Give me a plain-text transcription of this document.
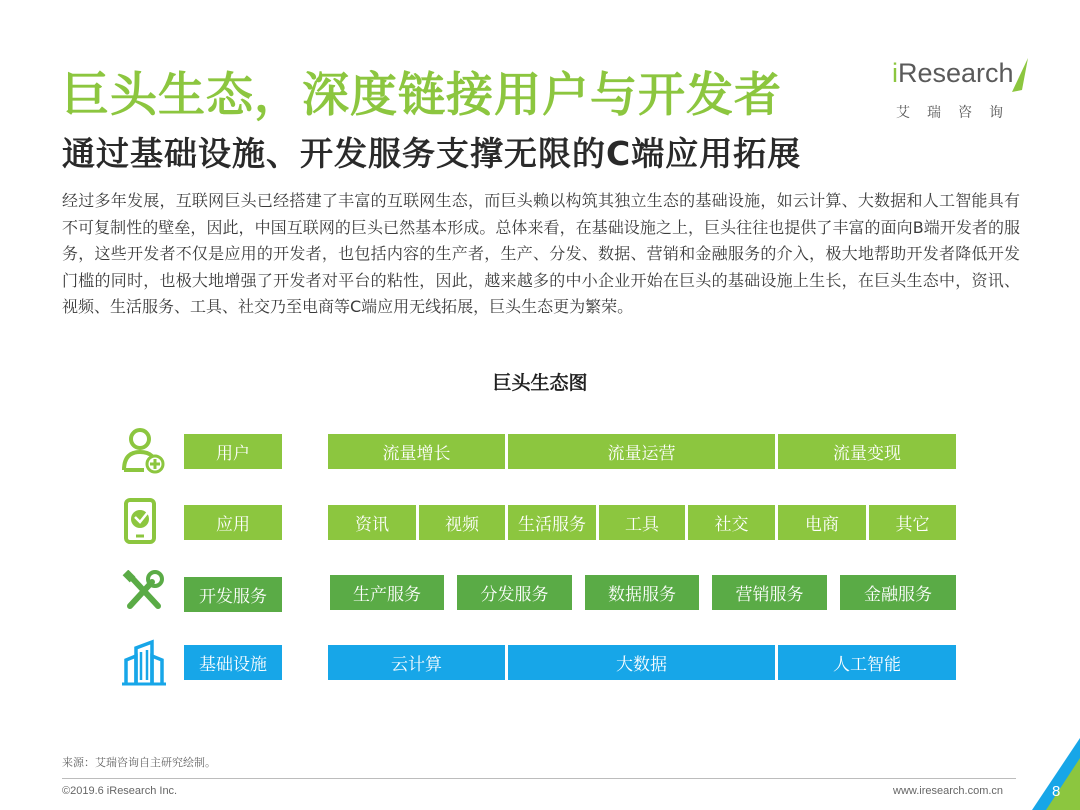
巨头生态，深度链接用户与开发者
通过基础设施、开发服务支撑无限的C端应用拓展
iResearch
艾瑞咨询
经过多年发展，互联网巨头已经搭建了丰富的互联网生态，而巨头赖以构筑其独立生态的基础设施，如云计算、大数据和人工智能具有不可复制性的壁垒，因此，中国互联网的巨头已然基本形成。总体来看，在基础设施之上，巨头往往也提供了丰富的面向B端开发者的服务，这些开发者不仅是应用的开发者，也包括内容的生产者，生产、分发、数据、营销和金融服务的介入，极大地帮助开发者降低开发门槛的同时，也极大地增强了开发者对平台的粘性，因此，越来越多的中小企业开始在巨头的基础设施上生长，在巨头生态中，资讯、视频、生活服务、工具、社交乃至电商等C端应用无线拓展，巨头生态更为繁荣。
巨头生态图
用户	流量增长	流量运营	流量变现
应用	资讯	视频	生活服务	工具	社交	电商	其它
开发服务	生产服务	分发服务	数据服务	营销服务	金融服务
基础设施	云计算	大数据	人工智能
来源：艾瑞咨询自主研究绘制。
©2019.6 iResearch Inc.	www.iresearch.com.cn	8
